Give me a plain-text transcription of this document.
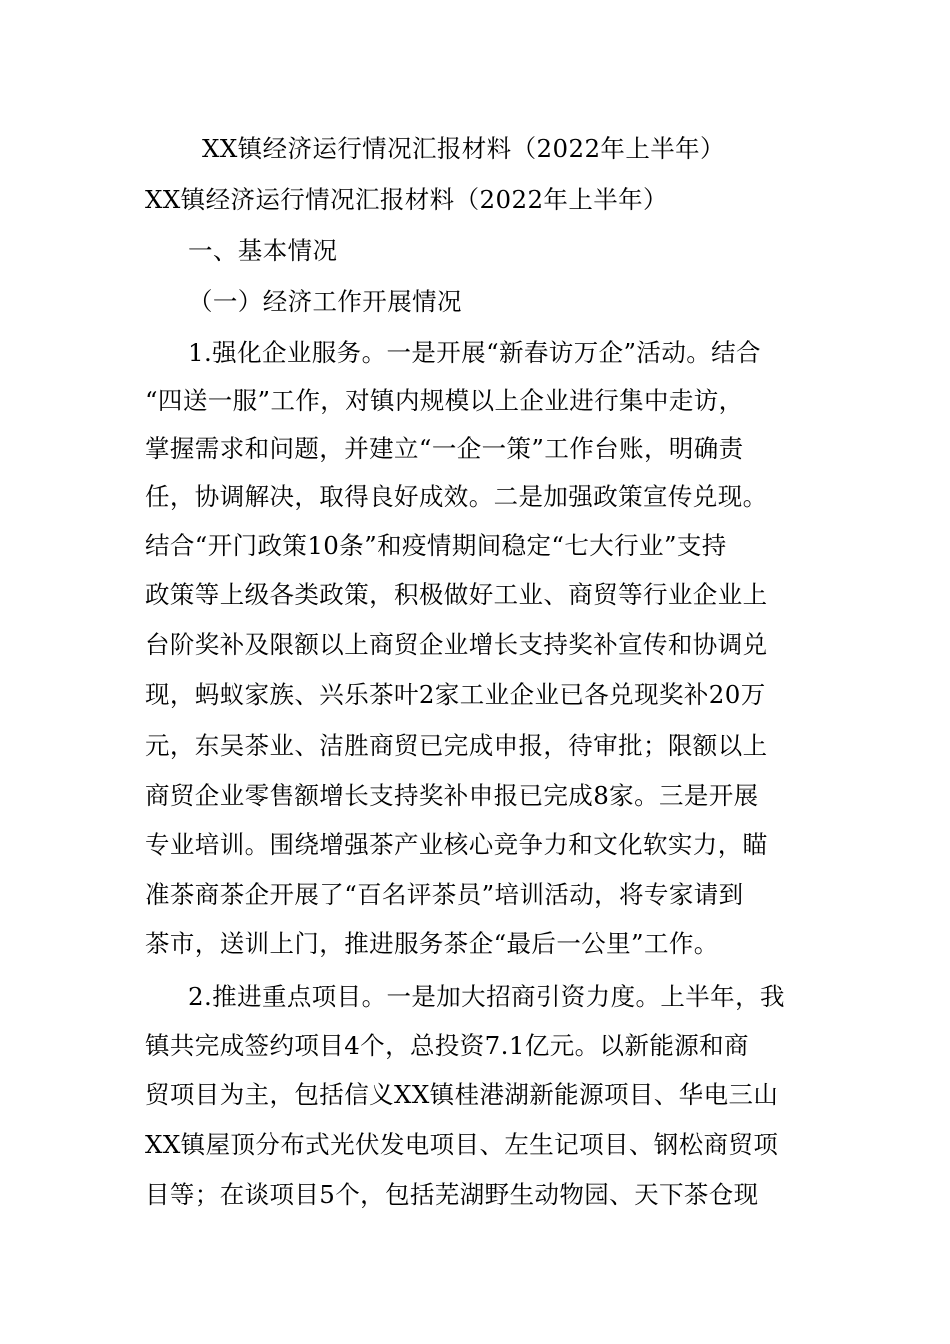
XX镇经济运行情况汇报材料（2022年上半年）
XX镇经济运行情况汇报材料（2022年上半年）
一、基本情况
（一）经济工作开展情况
1.强化企业服务。一是开展“新春访万企”活动。结合
“四送一服”工作，对镇内规模以上企业进行集中走访，
掌握需求和问题，并建立“一企一策”工作台账，明确责
任，协调解决，取得良好成效。二是加强政策宣传兑现。
结合“开门政策10条”和疫情期间稳定“七大行业”支持
政策等上级各类政策，积极做好工业、商贸等行业企业上
台阶奖补及限额以上商贸企业增长支持奖补宣传和协调兑
现，蚂蚁家族、兴乐茶叶2家工业企业已各兑现奖补20万
元，东吴茶业、洁胜商贸已完成申报，待审批；限额以上
商贸企业零售额增长支持奖补申报已完成8家。三是开展
专业培训。围绕增强茶产业核心竞争力和文化软实力，瞄
准茶商茶企开展了“百名评茶员”培训活动，将专家请到
茶市，送训上门，推进服务茶企“最后一公里”工作。
2.推进重点项目。一是加大招商引资力度。上半年，我
镇共完成签约项目4个，总投资7.1亿元。以新能源和商
贸项目为主，包括信义XX镇桂港湖新能源项目、华电三山
XX镇屋顶分布式光伏发电项目、左生记项目、钢松商贸项
目等；在谈项目5个，包括芜湖野生动物园、天下茶仓现
